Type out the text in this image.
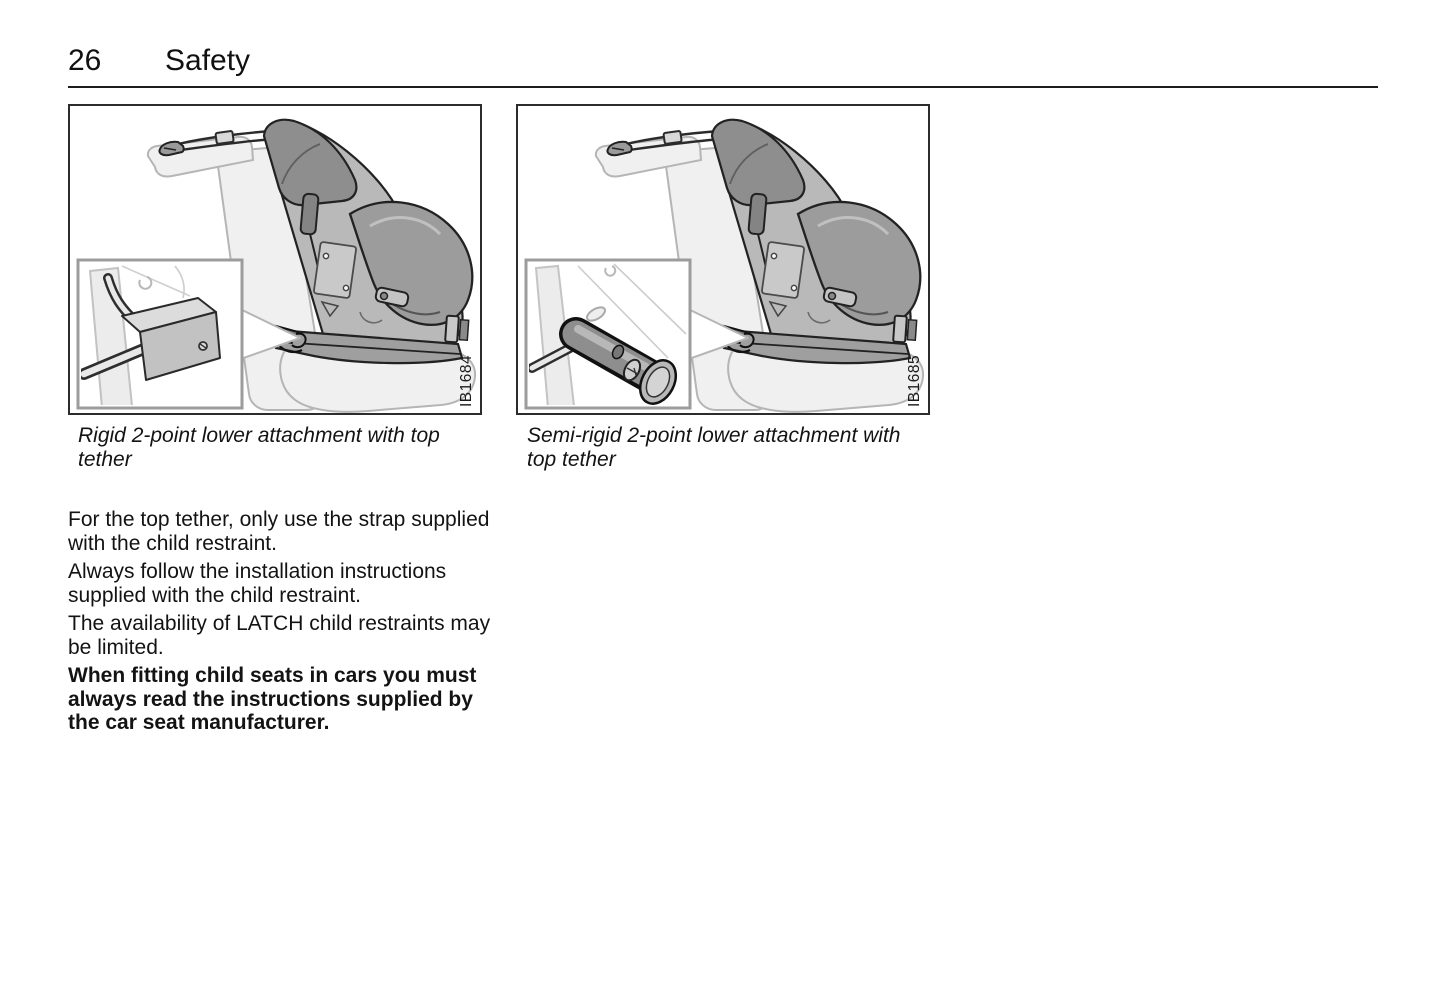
26 Safety
IB1684	IB1685
Rigid 2-point lower attachment with top tether
Semi-rigid 2-point lower attachment with top tether

For the top tether, only use the strap supplied with the child restraint.

Always follow the installation instructions supplied with the child restraint.

The availability of LATCH child restraints may be limited.

When fitting child seats in cars you must always read the instructions supplied by the car seat manufacturer.
